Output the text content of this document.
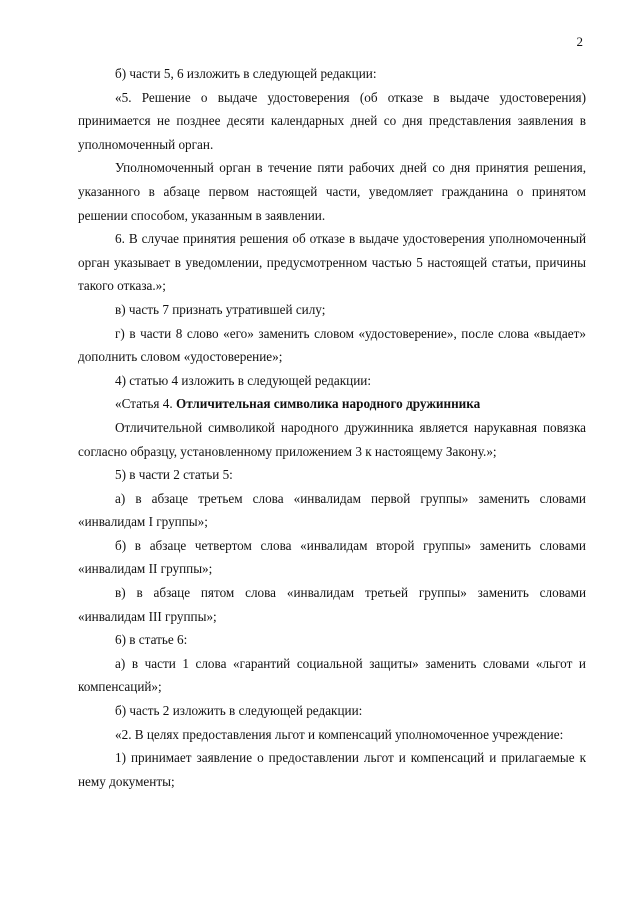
2

б) части 5, 6 изложить в следующей редакции:

«5. Решение о выдаче удостоверения (об отказе в выдаче удостоверения) принимается не позднее десяти календарных дней со дня представления заявления в уполномоченный орган.

Уполномоченный орган в течение пяти рабочих дней со дня принятия решения, указанного в абзаце первом настоящей части, уведомляет гражданина о принятом решении способом, указанным в заявлении.

6. В случае принятия решения об отказе в выдаче удостоверения уполномоченный орган указывает в уведомлении, предусмотренном частью 5 настоящей статьи, причины такого отказа.»;

в) часть 7 признать утратившей силу;

г) в части 8 слово «его» заменить словом «удостоверение», после слова «выдает» дополнить словом «удостоверение»;

4) статью 4 изложить в следующей редакции:

«Статья 4. Отличительная символика народного дружинника

Отличительной символикой народного дружинника является нарукавная повязка согласно образцу, установленному приложением 3 к настоящему Закону.»;

5) в части 2 статьи 5:

а) в абзаце третьем слова «инвалидам первой группы» заменить словами «инвалидам I группы»;

б) в абзаце четвертом слова «инвалидам второй группы» заменить словами «инвалидам II группы»;

в) в абзаце пятом слова «инвалидам третьей группы» заменить словами «инвалидам III группы»;

6) в статье 6:

а) в части 1 слова «гарантий социальной защиты» заменить словами «льгот и компенсаций»;

б) часть 2 изложить в следующей редакции:

«2. В целях предоставления льгот и компенсаций уполномоченное учреждение:

1) принимает заявление о предоставлении льгот и компенсаций и прилагаемые к нему документы;
